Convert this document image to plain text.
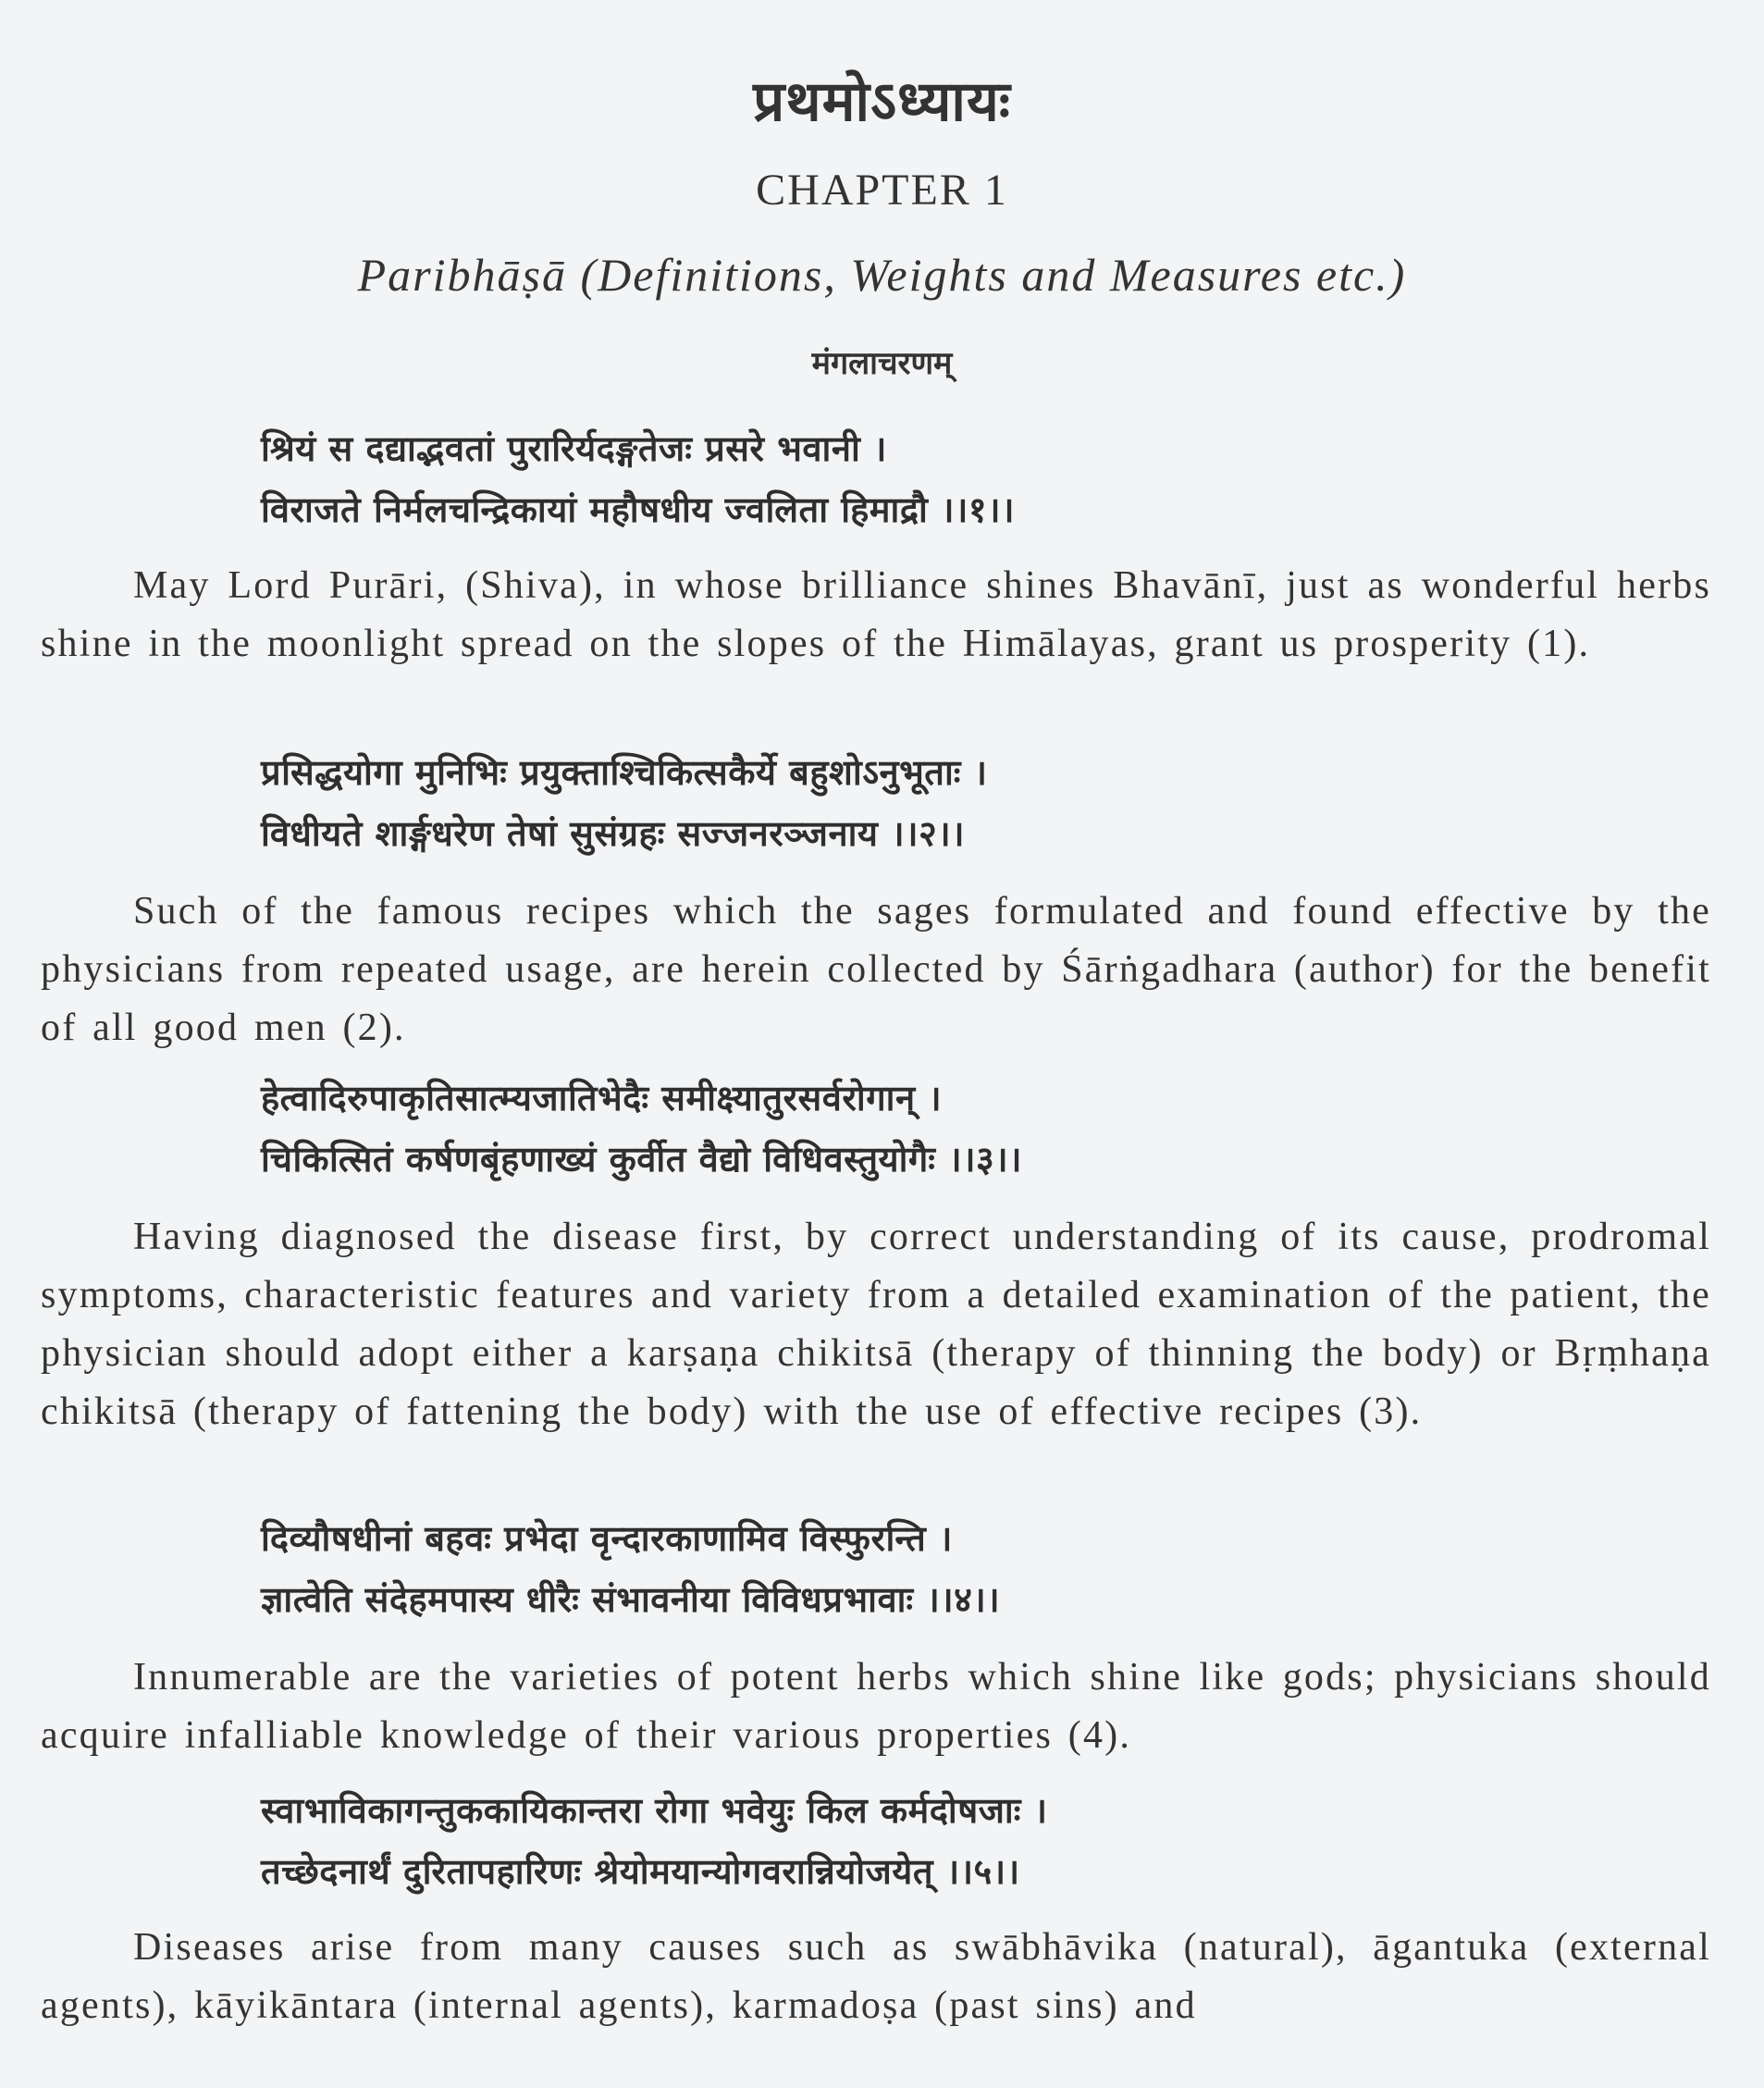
प्रथमोऽध्यायः
CHAPTER 1
Paribhāṣā (Definitions, Weights and Measures etc.)
मंगलाचरणम्
श्रियं स दद्याद्भवतां पुरारिर्यदङ्गतेजः प्रसरे भवानी ।
विराजते निर्मलचन्द्रिकायां महौषधीय ज्वलिता हिमाद्रौ ।।१।।
May Lord Purāri, (Shiva), in whose brilliance shines Bhavānī, just as wonderful herbs shine in the moonlight spread on the slopes of the Himālayas, grant us prosperity (1).
प्रसिद्धयोगा मुनिभिः प्रयुक्ताश्चिकित्सकैर्ये बहुशोऽनुभूताः ।
विधीयते शार्ङ्गधरेण तेषां सुसंग्रहः सज्जनरञ्जनाय ।।२।।
Such of the famous recipes which the sages formulated and found effective by the physicians from repeated usage, are herein collected by Śārṅgadhara (author) for the benefit of all good men (2).
हेत्वादिरुपाकृतिसात्म्यजातिभेदैः समीक्ष्यातुरसर्वरोगान् ।
चिकित्सितं कर्षणबृंहणाख्यं कुर्वीत वैद्यो विधिवस्तुयोगैः ।।३।।
Having diagnosed the disease first, by correct understanding of its cause, prodromal symptoms, characteristic features and variety from a detailed examination of the patient, the physician should adopt either a karṣaṇa chikitsā (therapy of thinning the body) or Bṛṃhaṇa chikitsā (therapy of fattening the body) with the use of effective recipes (3).
दिव्यौषधीनां बहवः प्रभेदा वृन्दारकाणामिव विस्फुरन्ति ।
ज्ञात्वेति संदेहमपास्य धीरैः संभावनीया विविधप्रभावाः ।।४।।
Innumerable are the varieties of potent herbs which shine like gods; physicians should acquire infalliable knowledge of their various properties (4).
स्वाभाविकागन्तुककायिकान्तरा रोगा भवेयुः किल कर्मदोषजाः ।
तच्छेदनार्थं दुरितापहारिणः श्रेयोमयान्योगवरान्नियोजयेत् ।।५।।
Diseases arise from many causes such as swābhāvika (natural), āgantuka (external agents), kāyikāntara (internal agents), karmadoṣa (past sins) and
